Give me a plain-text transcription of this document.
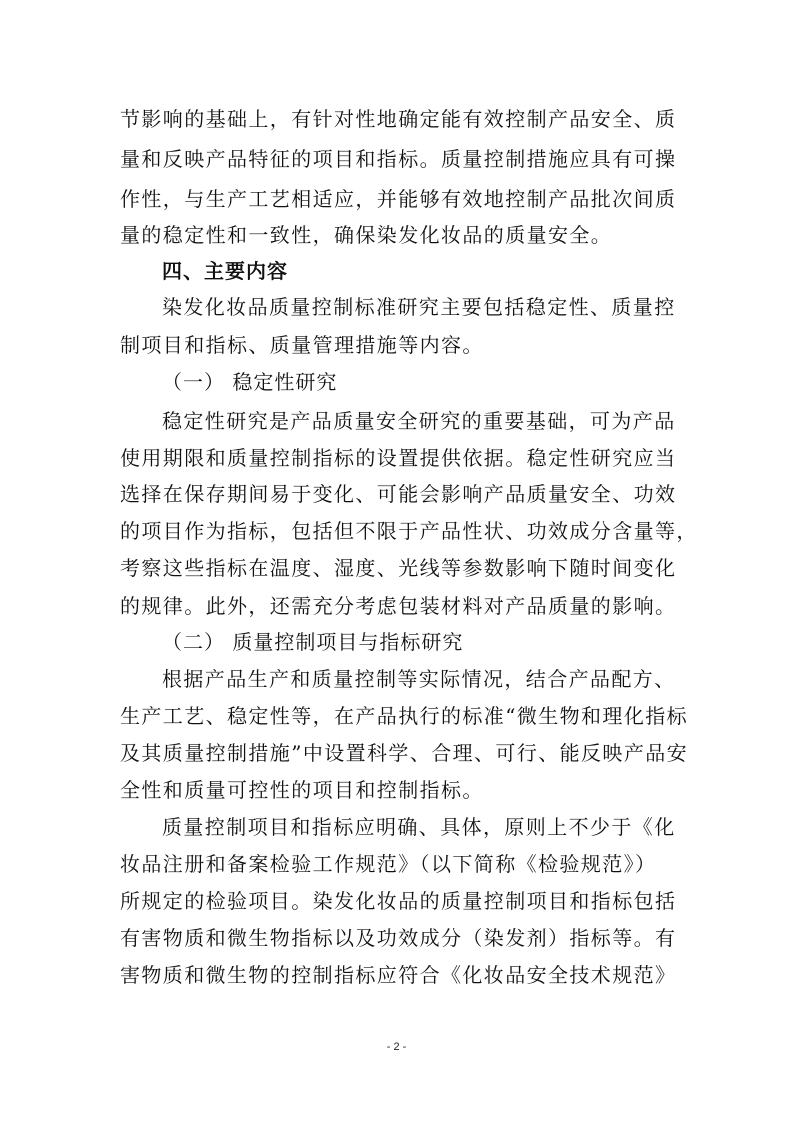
节影响的基础上，有针对性地确定能有效控制产品安全、质
量和反映产品特征的项目和指标。质量控制措施应具有可操
作性，与生产工艺相适应，并能够有效地控制产品批次间质
量的稳定性和一致性，确保染发化妆品的质量安全。
四、主要内容
染发化妆品质量控制标准研究主要包括稳定性、质量控
制项目和指标、质量管理措施等内容。
（一） 稳定性研究
稳定性研究是产品质量安全研究的重要基础，可为产品
使用期限和质量控制指标的设置提供依据。稳定性研究应当
选择在保存期间易于变化、可能会影响产品质量安全、功效
的项目作为指标，包括但不限于产品性状、功效成分含量等，
考察这些指标在温度、湿度、光线等参数影响下随时间变化
的规律。此外，还需充分考虑包装材料对产品质量的影响。
（二） 质量控制项目与指标研究
根据产品生产和质量控制等实际情况，结合产品配方、
生产工艺、稳定性等，在产品执行的标准“微生物和理化指标
及其质量控制措施”中设置科学、合理、可行、能反映产品安
全性和质量可控性的项目和控制指标。
质量控制项目和指标应明确、具体，原则上不少于《化
妆品注册和备案检验工作规范》（以下简称《检验规范》）
所规定的检验项目。染发化妆品的质量控制项目和指标包括
有害物质和微生物指标以及功效成分（染发剂）指标等。有
害物质和微生物的控制指标应符合《化妆品安全技术规范》
- 2 -
